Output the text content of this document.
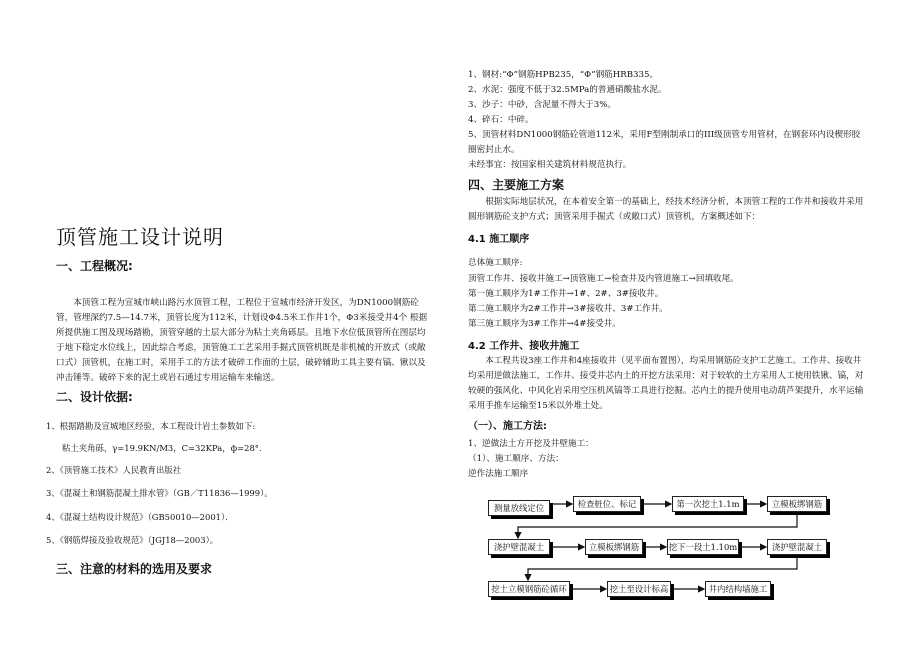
顶管施工设计说明
一、工程概况:

本顶管工程为宣城市峡山路污水顶管工程，工程位于宣城市经济开发区，为DN1000钢筋砼管，管埋深约7.5—14.7米，顶管长度为112米，计划设Φ4.5米工作井1个，Φ3米接受井4个 根据所提供施工图及现场踏勘，顶管穿越的土层大部分为粘土夹角砾层。且地下水位低顶管所在图层均于地下稳定水位线上，因此综合考虑，顶管施工工艺采用手掘式顶管机既是非机械的开放式（或敞口式）顶管机，在施工时，采用手工的方法才破碎工作面的土层，破碎辅助工具主要有镐、锹以及冲击锤等。破碎下来的泥土或岩石通过专用运输车来输送。

二、设计依据:
1、根据踏勘及宣城地区经验，本工程设计岩土参数如下:
粘土夹角砾，γ=19.9KN/M3，C=32KPa，ф=28°．
2、《顶管施工技术》人民教育出版社
3、《混凝土和钢筋混凝土排水管》（GB／T11836—1999）。
4、《混凝土结构设计规范》（GB50010—2001）．
5、《钢筋焊接及验收规范》（JGJ18—2003）。
三、注意的材料的选用及要求

1、钢材:“Φ”钢筋HPB235，“Φ”钢筋HRB335。

2、水泥：强度不低于32.5MPa的普通硝酸盐水泥。

3、沙子：中砂，含泥量不得大于3%。

4、碎石：中碎。

5、顶管材料DN1000钢筋砼管道112米，采用F型刚制承口的III级顶管专用管材，在钢套环内设楔形胶圈密封止水。

未经事宜：按国家相关建筑材料规范执行。

四、主要施工方案

根据实际地层状况，在本着安全第一的基础上，经技术经济分析，本顶管工程的工作井和接收井采用圆形钢筋砼支护方式；顶管采用手掘式（或敞口式）顶管机，方案概述如下：

4.1 施工顺序

总体施工顺序:

顶管工作井、接收井施工→顶管施工→检查井及内管道施工→回填收尾。

第一施工顺序为1#工作井→1#、2#、3#接收井。

第二施工顺序为2#工作井→3#接收井、3#工作井。

第三施工顺序为3#工作井→4#接受井。

4.2 工作井、接收井施工

本工程共设3座工作井和4座接收井（见平面布置图），均采用钢筋砼支护工艺施工。工作井、接收井均采用逆做法施工，工作井、接受井芯内土的开挖方法采用：对于较软的土方采用人工使用铁锹、镐，对较硬的强风化、中风化岩采用空压机风镐等工具进行挖掘。芯内土的提升使用电动葫芦架提升，水平运输采用手推车运输至15米以外堆土处。

（一）、施工方法:

1、逆做法土方开挖及井壁施工：

（1）、施工顺序、方法：

逆作法施工顺序

测量放线定位	检查桩位、标记	第一次挖土1.1m	立模板绑钢筋
浇护壁混凝土	立模板绑钢筋	挖下一段土1.10m	浇护壁混凝土
挖土立模钢筋砼循环	挖土至设计标高	井内结构墙施工
